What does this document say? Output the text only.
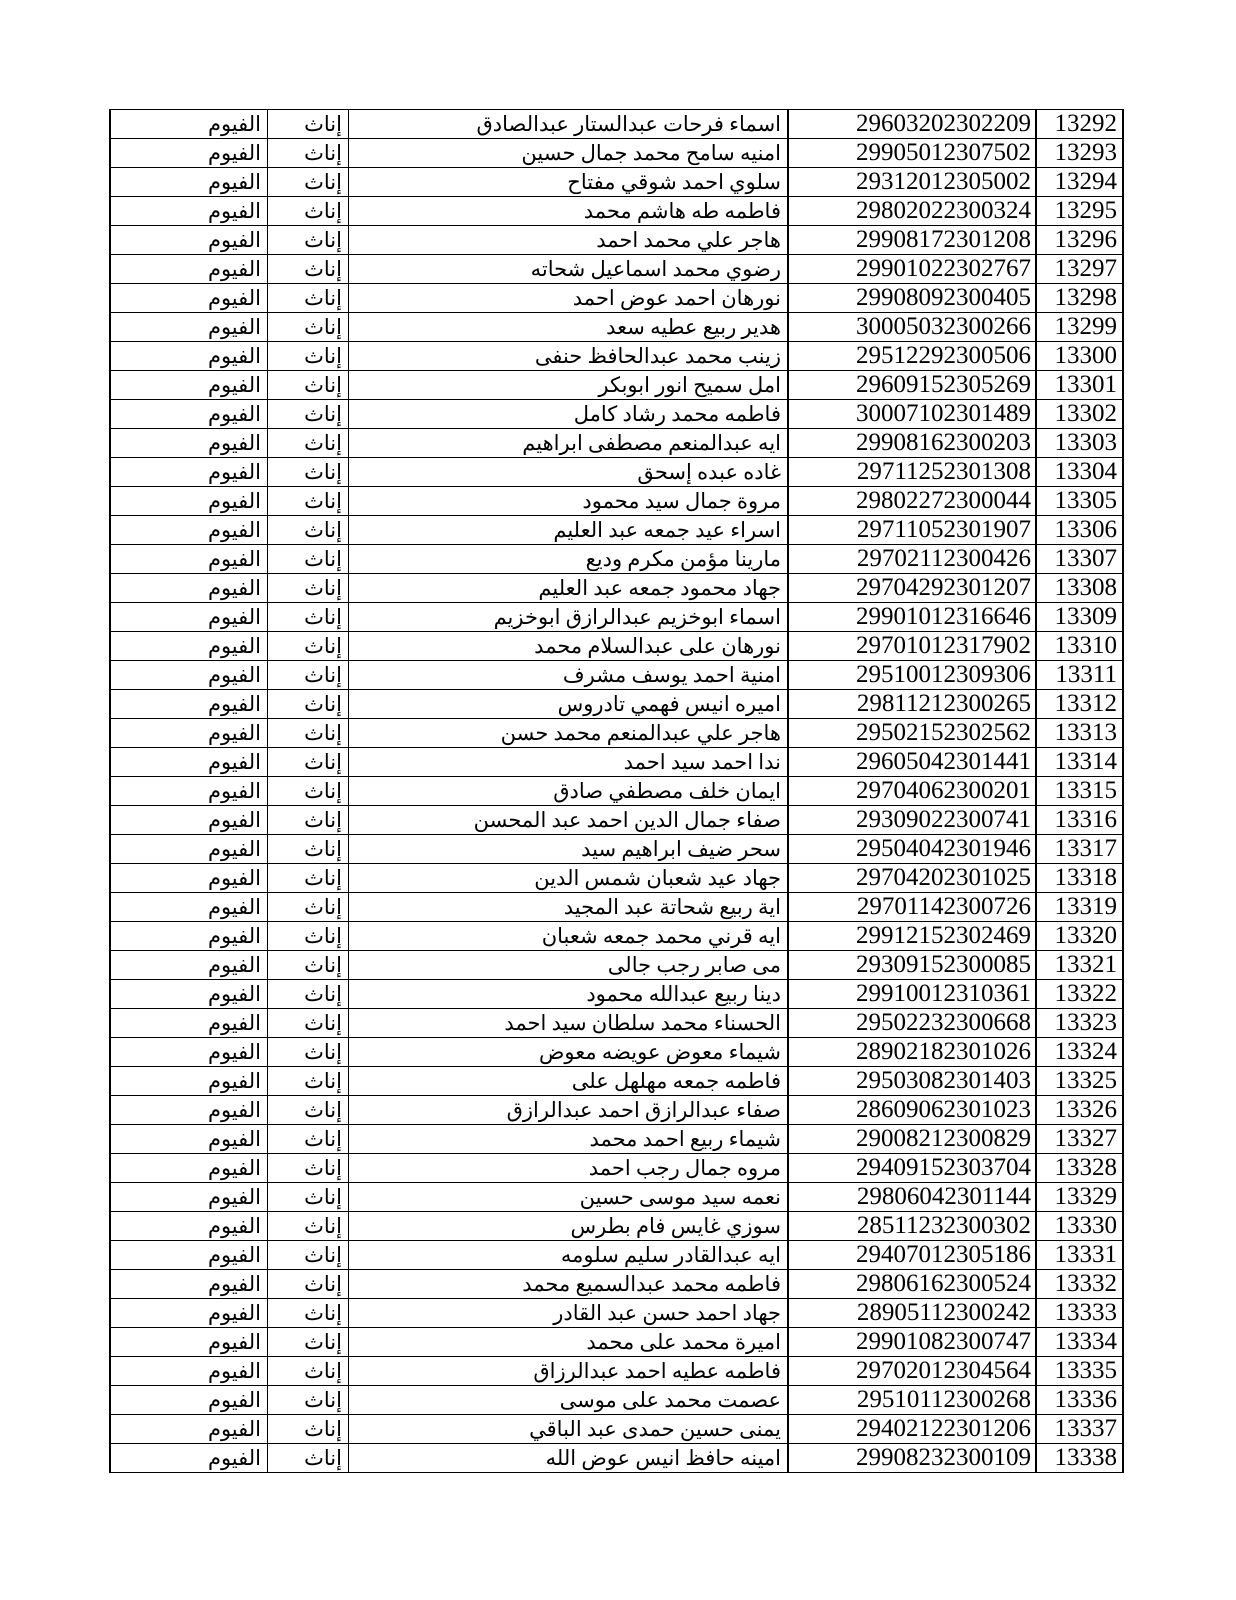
الفيوم	إناث	اسماء فرحات عبدالستار عبدالصادق	29603202302209	13292
الفيوم	إناث	امنيه سامح محمد جمال حسين	29905012307502	13293
الفيوم	إناث	سلوي احمد شوقي مفتاح	29312012305002	13294
الفيوم	إناث	فاطمه طه هاشم محمد	29802022300324	13295
الفيوم	إناث	هاجر علي محمد احمد	29908172301208	13296
الفيوم	إناث	رضوي محمد اسماعيل شحاته	29901022302767	13297
الفيوم	إناث	نورهان احمد عوض احمد	29908092300405	13298
الفيوم	إناث	هدير ربيع عطيه سعد	30005032300266	13299
الفيوم	إناث	زينب محمد عبدالحافظ حنفى	29512292300506	13300
الفيوم	إناث	امل سميح انور ابوبكر	29609152305269	13301
الفيوم	إناث	فاطمه محمد رشاد كامل	30007102301489	13302
الفيوم	إناث	ايه عبدالمنعم مصطفى ابراهيم	29908162300203	13303
الفيوم	إناث	غاده عبده إسحق	29711252301308	13304
الفيوم	إناث	مروة جمال سيد محمود	29802272300044	13305
الفيوم	إناث	اسراء عيد جمعه عبد العليم	29711052301907	13306
الفيوم	إناث	مارينا مؤمن مكرم وديع	29702112300426	13307
الفيوم	إناث	جهاد محمود جمعه عبد العليم	29704292301207	13308
الفيوم	إناث	اسماء ابوخزيم عبدالرازق ابوخزيم	29901012316646	13309
الفيوم	إناث	نورهان على عبدالسلام محمد	29701012317902	13310
الفيوم	إناث	امنية احمد يوسف مشرف	29510012309306	13311
الفيوم	إناث	اميره انيس فهمي تادروس	29811212300265	13312
الفيوم	إناث	هاجر علي عبدالمنعم محمد حسن	29502152302562	13313
الفيوم	إناث	ندا احمد سيد احمد	29605042301441	13314
الفيوم	إناث	ايمان خلف مصطفي صادق	29704062300201	13315
الفيوم	إناث	صفاء جمال الدين احمد عبد المحسن	29309022300741	13316
الفيوم	إناث	سحر ضيف ابراهيم سيد	29504042301946	13317
الفيوم	إناث	جهاد عيد شعبان شمس الدين	29704202301025	13318
الفيوم	إناث	اية ربيع شحاتة عبد المجيد	29701142300726	13319
الفيوم	إناث	ايه قرني محمد جمعه شعبان	29912152302469	13320
الفيوم	إناث	مى صابر رجب جالى	29309152300085	13321
الفيوم	إناث	دينا ربيع عبدالله محمود	29910012310361	13322
الفيوم	إناث	الحسناء محمد سلطان سيد احمد	29502232300668	13323
الفيوم	إناث	شيماء معوض عويضه معوض	28902182301026	13324
الفيوم	إناث	فاطمه جمعه مهلهل على	29503082301403	13325
الفيوم	إناث	صفاء عبدالرازق احمد عبدالرازق	28609062301023	13326
الفيوم	إناث	شيماء ربيع احمد محمد	29008212300829	13327
الفيوم	إناث	مروه جمال رجب احمد	29409152303704	13328
الفيوم	إناث	نعمه سيد موسى حسين	29806042301144	13329
الفيوم	إناث	سوزي غايس فام بطرس	28511232300302	13330
الفيوم	إناث	ايه عبدالقادر سليم سلومه	29407012305186	13331
الفيوم	إناث	فاطمه محمد عبدالسميع محمد	29806162300524	13332
الفيوم	إناث	جهاد احمد حسن عبد القادر	28905112300242	13333
الفيوم	إناث	اميرة محمد على محمد	29901082300747	13334
الفيوم	إناث	فاطمه عطيه احمد عبدالرزاق	29702012304564	13335
الفيوم	إناث	عصمت محمد على موسى	29510112300268	13336
الفيوم	إناث	يمنى حسين حمدى عبد الباقي	29402122301206	13337
الفيوم	إناث	امينه حافظ انيس عوض الله	29908232300109	13338
